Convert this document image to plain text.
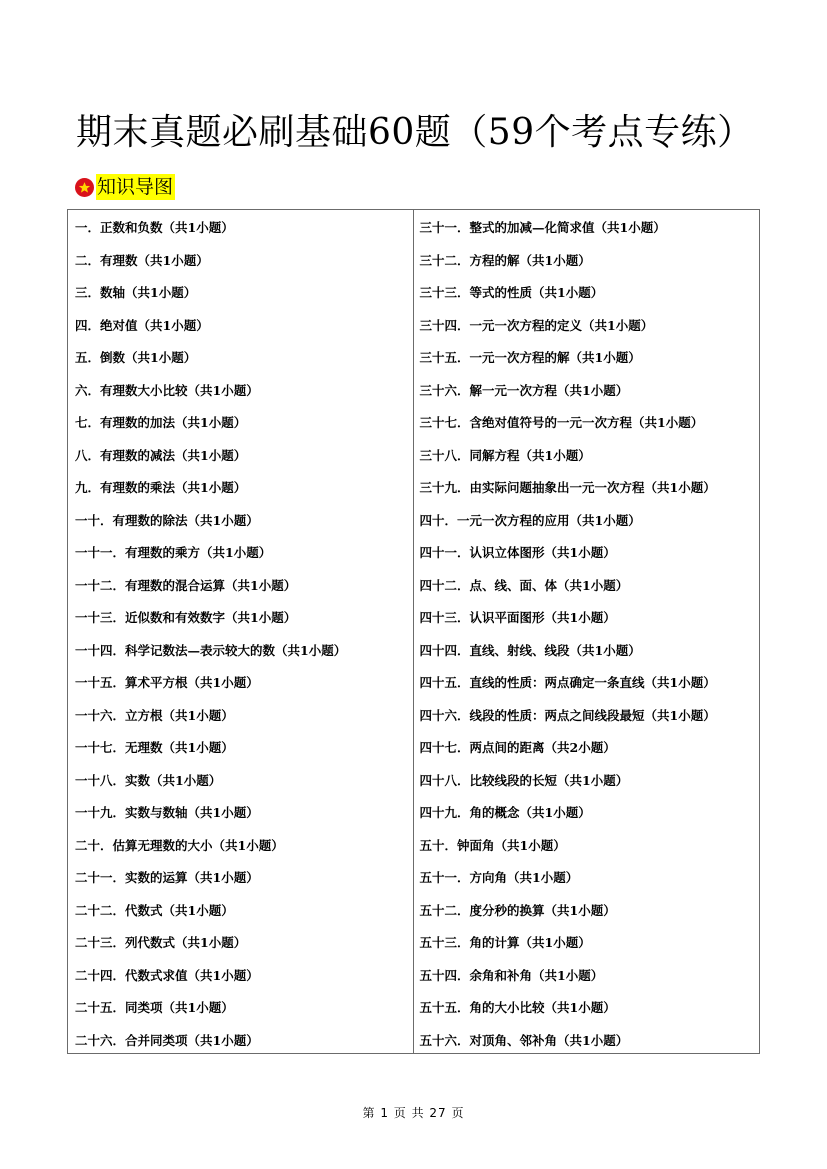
期末真题必刷基础60题（59个考点专练）
知识导图
一．正数和负数（共1小题）
二．有理数（共1小题）
三．数轴（共1小题）
四．绝对值（共1小题）
五．倒数（共1小题）
六．有理数大小比较（共1小题）
七．有理数的加法（共1小题）
八．有理数的减法（共1小题）
九．有理数的乘法（共1小题）
一十．有理数的除法（共1小题）
一十一．有理数的乘方（共1小题）
一十二．有理数的混合运算（共1小题）
一十三．近似数和有效数字（共1小题）
一十四．科学记数法—表示较大的数（共1小题）
一十五．算术平方根（共1小题）
一十六．立方根（共1小题）
一十七．无理数（共1小题）
一十八．实数（共1小题）
一十九．实数与数轴（共1小题）
二十．估算无理数的大小（共1小题）
二十一．实数的运算（共1小题）
二十二．代数式（共1小题）
二十三．列代数式（共1小题）
二十四．代数式求值（共1小题）
二十五．同类项（共1小题）
二十六．合并同类项（共1小题）
三十一．整式的加减—化简求值（共1小题）
三十二．方程的解（共1小题）
三十三．等式的性质（共1小题）
三十四．一元一次方程的定义（共1小题）
三十五．一元一次方程的解（共1小题）
三十六．解一元一次方程（共1小题）
三十七．含绝对值符号的一元一次方程（共1小题）
三十八．同解方程（共1小题）
三十九．由实际问题抽象出一元一次方程（共1小题）
四十．一元一次方程的应用（共1小题）
四十一．认识立体图形（共1小题）
四十二．点、线、面、体（共1小题）
四十三．认识平面图形（共1小题）
四十四．直线、射线、线段（共1小题）
四十五．直线的性质：两点确定一条直线（共1小题）
四十六．线段的性质：两点之间线段最短（共1小题）
四十七．两点间的距离（共2小题）
四十八．比较线段的长短（共1小题）
四十九．角的概念（共1小题）
五十．钟面角（共1小题）
五十一．方向角（共1小题）
五十二．度分秒的换算（共1小题）
五十三．角的计算（共1小题）
五十四．余角和补角（共1小题）
五十五．角的大小比较（共1小题）
五十六．对顶角、邻补角（共1小题）
第 1 页 共 27 页
